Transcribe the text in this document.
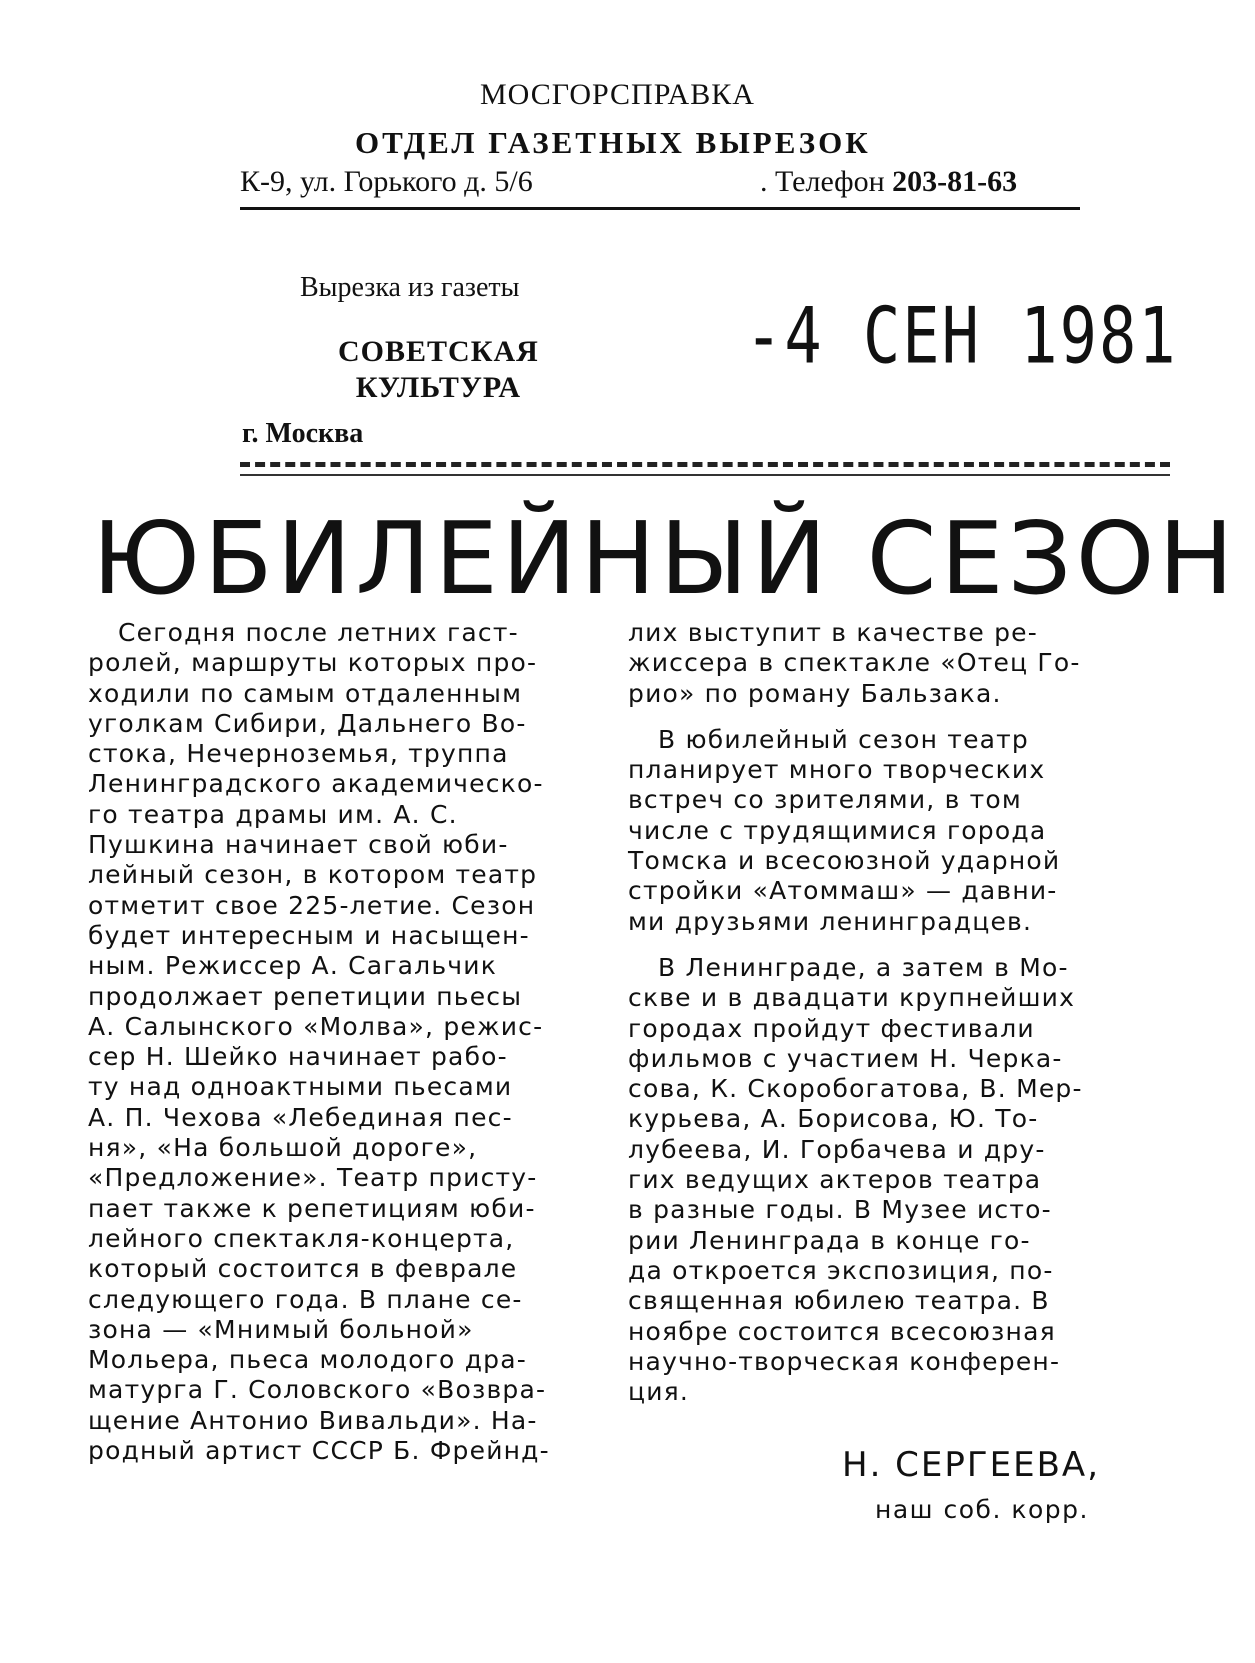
МОСГОРСПРАВКА
ОТДЕЛ ГАЗЕТНЫХ ВЫРЕЗОК
К-9, ул. Горького д. 5/6	. Телефон 203-81-63
Вырезка из газеты
СОВЕТСКАЯ
КУЛЬТУРА
г. Москва
-4 СЕН 1981
ЮБИЛЕЙНЫЙ СЕЗОН

Сегодня после летних гаст-
ролей, маршруты которых про-
ходили по самым отдаленным
уголкам Сибири, Дальнего Во-
стока, Нечерноземья, труппа
Ленинградского академическо-
го театра драмы им. А. С.
Пушкина начинает свой юби-
лейный сезон, в котором театр
отметит свое 225-летие. Сезон
будет интересным и насыщен-
ным. Режиссер А. Сагальчик
продолжает репетиции пьесы
А. Салынского «Молва», режис-
сер Н. Шейко начинает рабо-
ту над одноактными пьесами
А. П. Чехова «Лебединая пес-
ня», «На большой дороге»,
«Предложение». Театр присту-
пает также к репетициям юби-
лейного спектакля-концерта,
который состоится в феврале
следующего года. В плане се-
зона — «Мнимый больной»
Мольера, пьеса молодого дра-
матурга Г. Соловского «Возвра-
щение Антонио Вивальди». На-
родный артист СССР Б. Фрейнд-

лих выступит в качестве ре-
жиссера в спектакле «Отец Го-
рио» по роману Бальзака.

В юбилейный сезон театр
планирует много творческих
встреч со зрителями, в том
числе с трудящимися города
Томска и всесоюзной ударной
стройки «Атоммаш» — давни-
ми друзьями ленинградцев.

В Ленинграде, а затем в Мо-
скве и в двадцати крупнейших
городах пройдут фестивали
фильмов с участием Н. Черка-
сова, К. Скоробогатова, В. Мер-
курьева, А. Борисова, Ю. То-
лубеева, И. Горбачева и дру-
гих ведущих актеров театра
в разные годы. В Музее исто-
рии Ленинграда в конце го-
да откроется экспозиция, по-
священная юбилею театра. В
ноябре состоится всесоюзная
научно-творческая конферен-
ция.

Н. СЕРГЕЕВА,
наш соб. корр.
